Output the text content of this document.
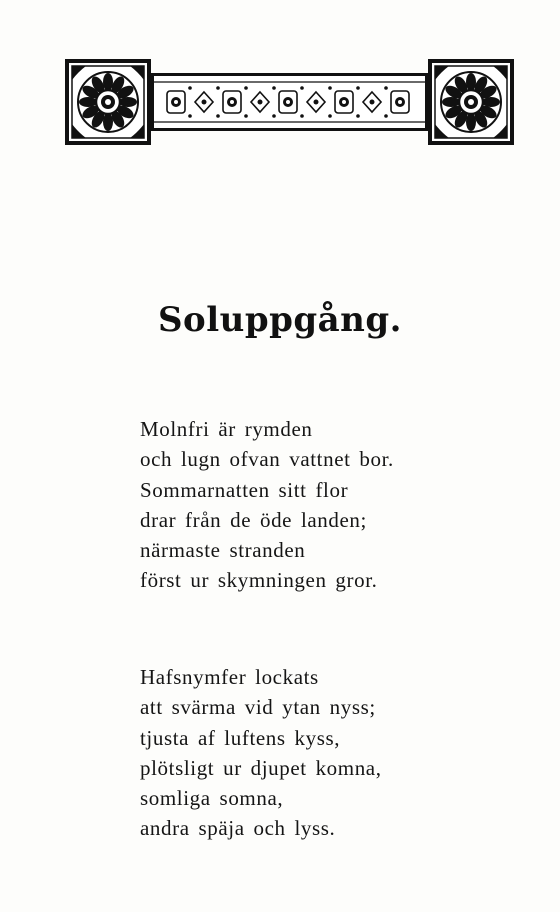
Soluppgång.
Molnfri är rymden
och lugn ofvan vattnet bor.
Sommarnatten sitt flor
drar från de öde landen;
närmaste stranden
först ur skymningen gror.
Hafsnymfer lockats
att svärma vid ytan nyss;
tjusta af luftens kyss,
plötsligt ur djupet komna,
somliga somna,
andra späja och lyss.
